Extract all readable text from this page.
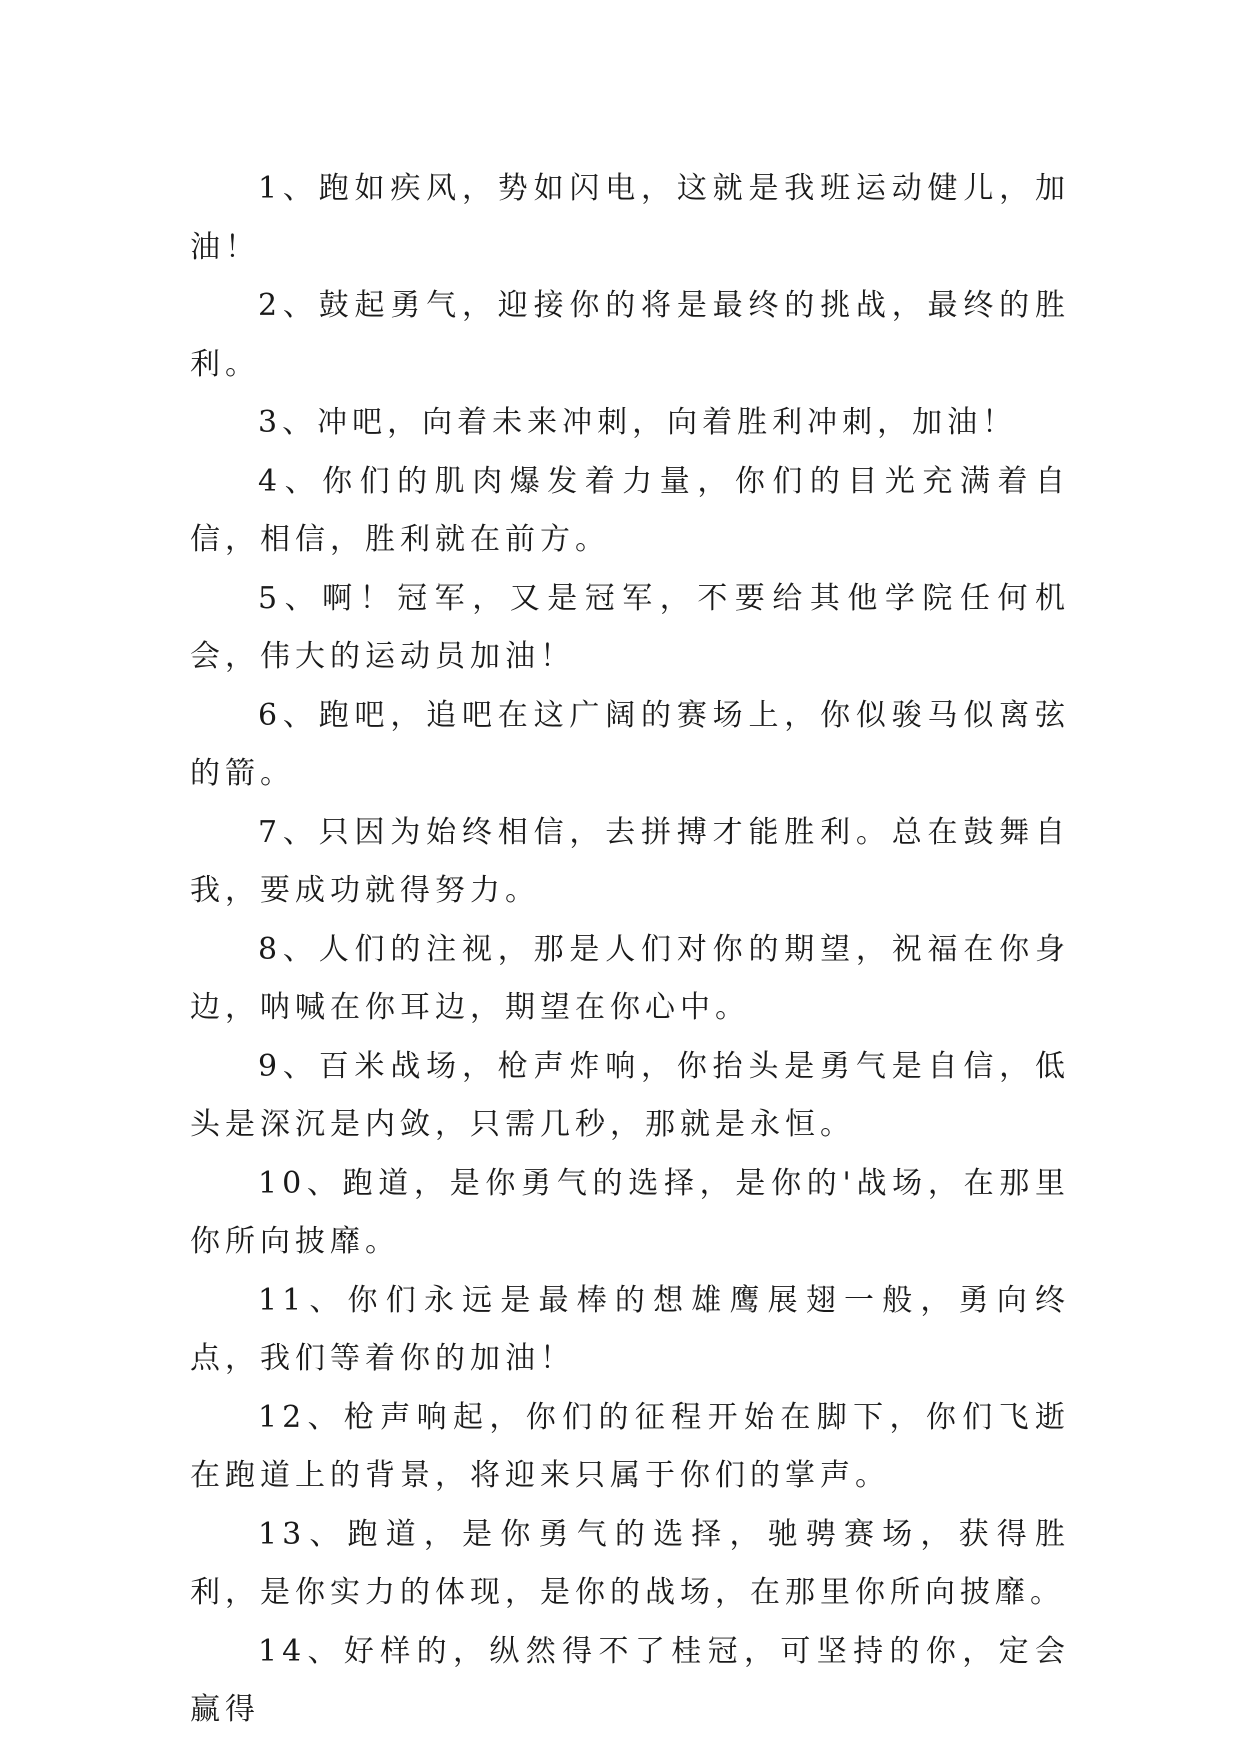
1、跑如疾风，势如闪电，这就是我班运动健儿，加油！

2、鼓起勇气，迎接你的将是最终的挑战，最终的胜利。

3、冲吧，向着未来冲刺，向着胜利冲刺，加油！

4、你们的肌肉爆发着力量，你们的目光充满着自信，相信，胜利就在前方。

5、啊！冠军，又是冠军，不要给其他学院任何机会，伟大的运动员加油！

6、跑吧，追吧在这广阔的赛场上，你似骏马似离弦的箭。

7、只因为始终相信，去拼搏才能胜利。总在鼓舞自我，要成功就得努力。

8、人们的注视，那是人们对你的期望，祝福在你身边，呐喊在你耳边，期望在你心中。

9、百米战场，枪声炸响，你抬头是勇气是自信，低头是深沉是内敛，只需几秒，那就是永恒。

10、跑道，是你勇气的选择，是你的'战场，在那里你所向披靡。

11、你们永远是最棒的想雄鹰展翅一般，勇向终点，我们等着你的加油！

12、枪声响起，你们的征程开始在脚下，你们飞逝在跑道上的背景，将迎来只属于你们的掌声。

13、跑道，是你勇气的选择，驰骋赛场，获得胜利，是你实力的体现，是你的战场，在那里你所向披靡。

14、好样的，纵然得不了桂冠，可坚持的你，定会赢得
